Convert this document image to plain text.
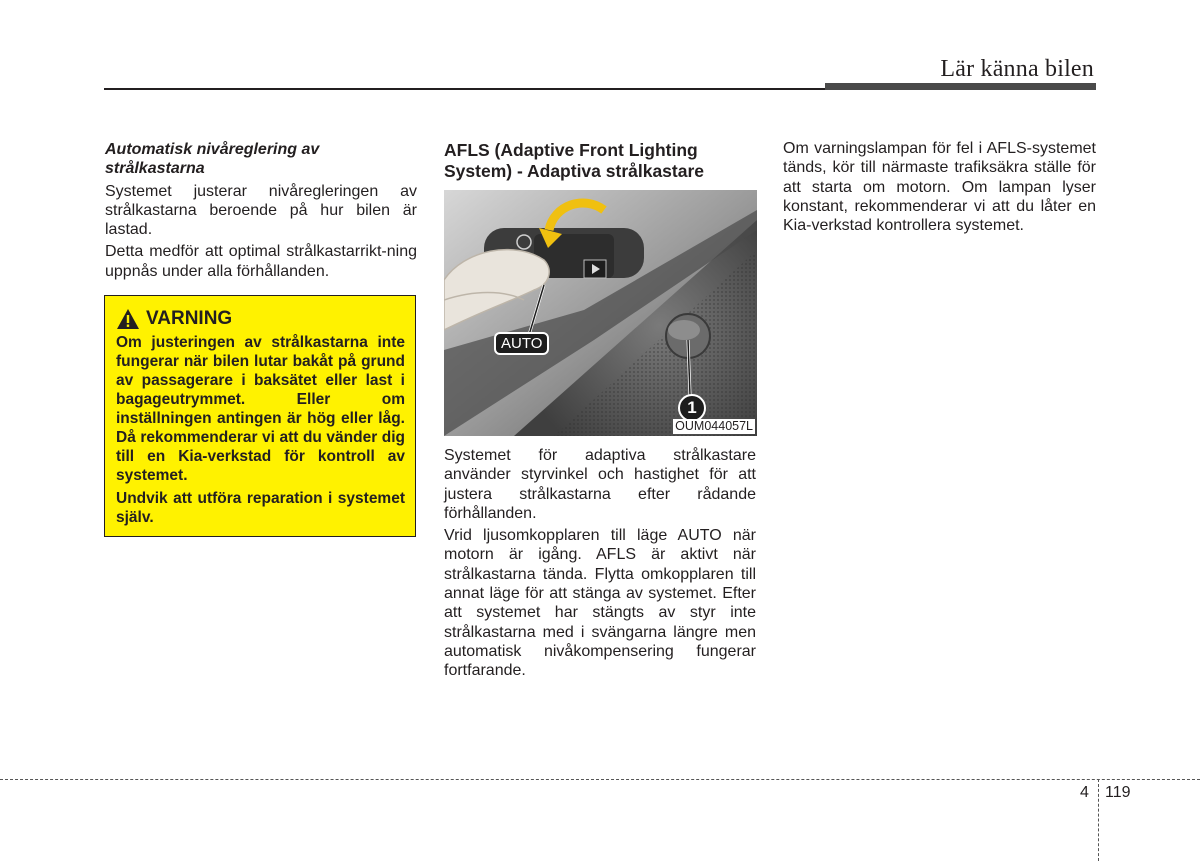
Lär känna bilen

Automatisk nivåreglering av strålkastarna

Systemet justerar nivåregleringen av strålkastarna beroende på hur bilen är lastad.

Detta medför att optimal strålkastarrikt-ning uppnås under alla förhållanden.

VARNING

Om justeringen av strålkastarna inte fungerar när bilen lutar bakåt på grund av passagerare i baksätet eller last i bagageutrymmet. Eller om inställningen antingen är hög eller låg. Då rekommenderar vi att du vänder dig till en Kia-verkstad för kontroll av systemet.

Undvik att utföra reparation i systemet själv.

AFLS (Adaptive Front Lighting System) - Adaptiva strålkastare

Systemet för adaptiva strålkastare använder styrvinkel och hastighet för att justera strålkastarna efter rådande förhållanden.

Vrid ljusomkopplaren till läge AUTO när motorn är igång. AFLS är aktivt när strålkastarna tända. Flytta omkopplaren till annat läge för att stänga av systemet. Efter att systemet har stängts av styr inte strålkastarna med i svängarna längre men automatisk nivåkompensering fungerar fortfarande.

AUTO
1
OUM044057L

Om varningslampan för fel i AFLS-systemet tänds, kör till närmaste trafiksäkra ställe för att starta om motorn. Om lampan lyser konstant, rekommenderar vi att du låter en Kia-verkstad kontrollera systemet.

4 119
